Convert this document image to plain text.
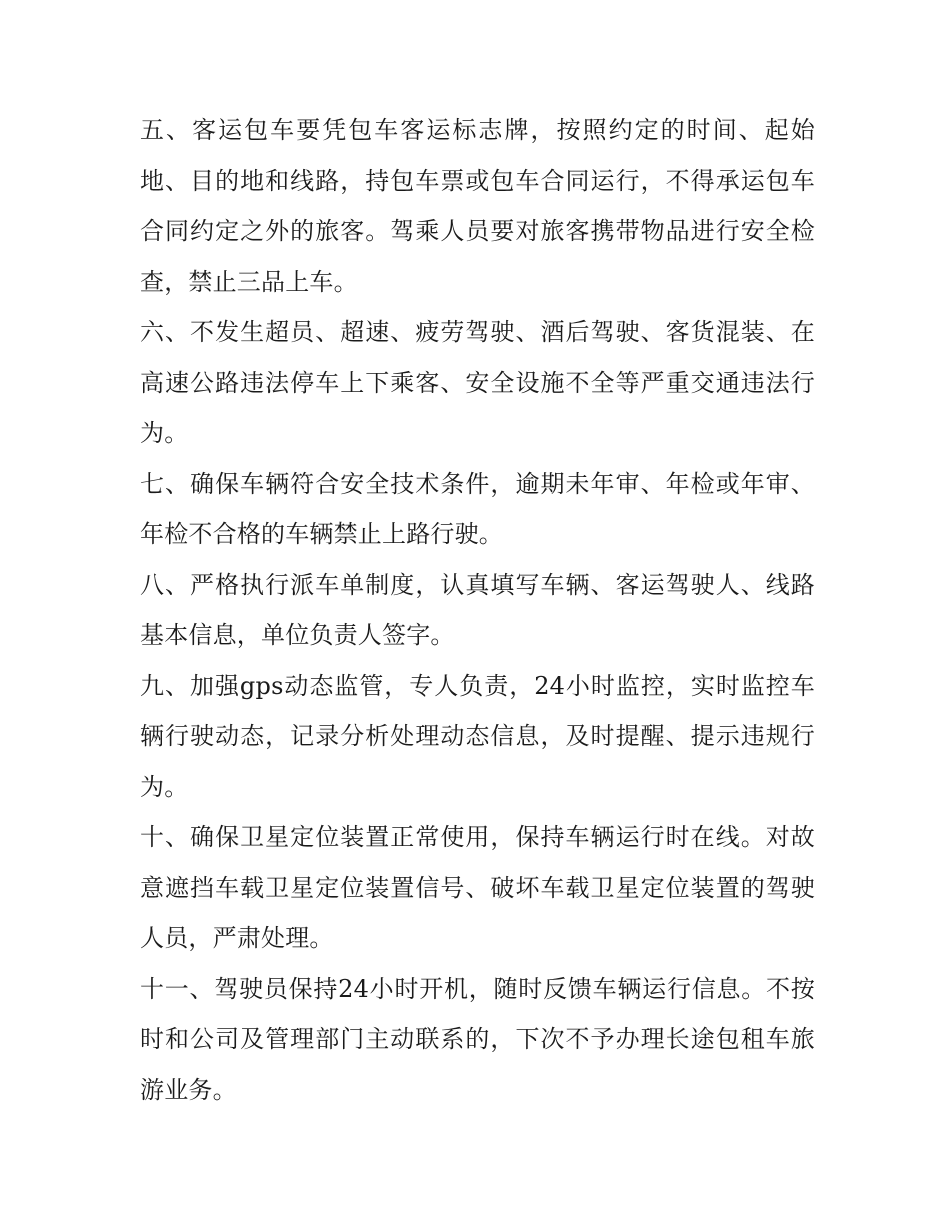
五、客运包车要凭包车客运标志牌，按照约定的时间、起始地、目的地和线路，持包车票或包车合同运行，不得承运包车合同约定之外的旅客。驾乘人员要对旅客携带物品进行安全检查，禁止三品上车。

六、不发生超员、超速、疲劳驾驶、酒后驾驶、客货混装、在高速公路违法停车上下乘客、安全设施不全等严重交通违法行为。

七、确保车辆符合安全技术条件，逾期未年审、年检或年审、年检不合格的车辆禁止上路行驶。

八、严格执行派车单制度，认真填写车辆、客运驾驶人、线路基本信息，单位负责人签字。

九、加强gps动态监管，专人负责，24小时监控，实时监控车辆行驶动态，记录分析处理动态信息，及时提醒、提示违规行为。

十、确保卫星定位装置正常使用，保持车辆运行时在线。对故意遮挡车载卫星定位装置信号、破坏车载卫星定位装置的驾驶人员，严肃处理。

十一、驾驶员保持24小时开机，随时反馈车辆运行信息。不按时和公司及管理部门主动联系的，下次不予办理长途包租车旅游业务。
